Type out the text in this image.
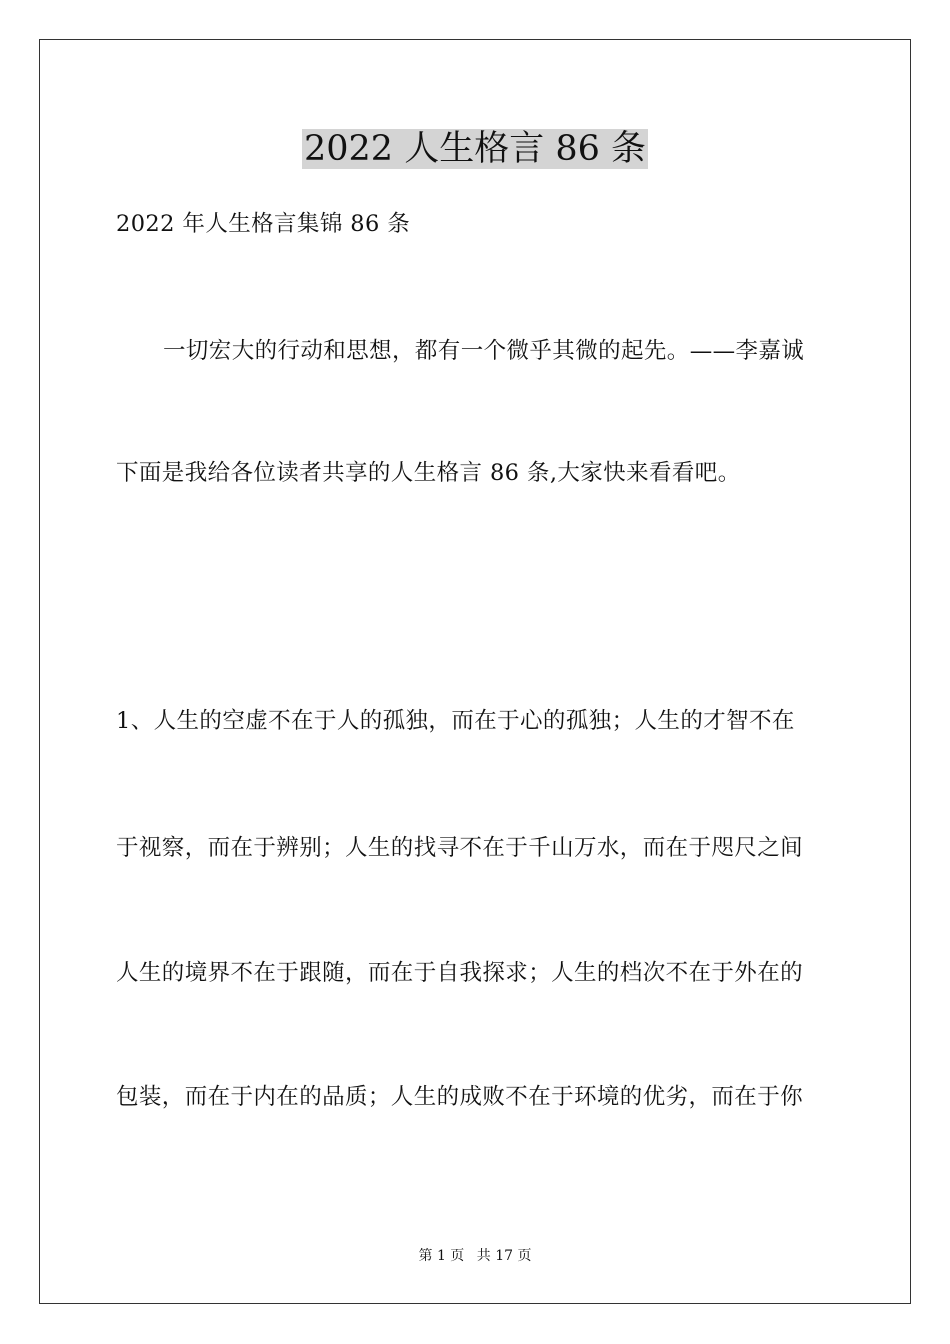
2022 人生格言 86 条

2022 年人生格言集锦 86 条

一切宏大的行动和思想，都有一个微乎其微的起先。——李嘉诚

下面是我给各位读者共享的人生格言 86 条,大家快来看看吧。

1、人生的空虚不在于人的孤独，而在于心的孤独；人生的才智不在

于视察，而在于辨别；人生的找寻不在于千山万水，而在于咫尺之间

人生的境界不在于跟随，而在于自我探求；人生的档次不在于外在的

包装，而在于内在的品质；人生的成败不在于环境的优劣，而在于你

第 1 页 共 17 页
